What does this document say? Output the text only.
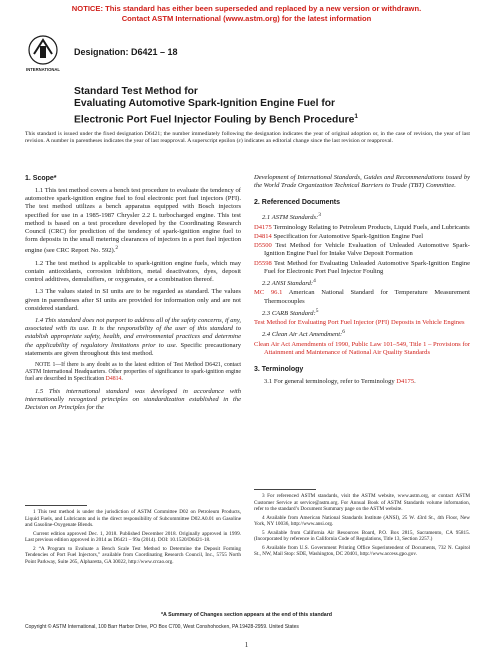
NOTICE: This standard has either been superseded and replaced by a new version or withdrawn.
Contact ASTM International (www.astm.org) for the latest information
INTERNATIONAL
Designation: D6421 – 18
Standard Test Method for
Evaluating Automotive Spark-Ignition Engine Fuel for
Electronic Port Fuel Injector Fouling by Bench Procedure$^1$
This standard is issued under the fixed designation D6421; the number immediately following the designation indicates the year of original adoption or, in the case of revision, the year of last revision. A number in parentheses indicates the year of last reapproval. A superscript epsilon (ε) indicates an editorial change since the last revision or reapproval.
1. Scope*

1.1 This test method covers a bench test procedure to evaluate the tendency of automotive spark-ignition engine fuel to foul electronic port fuel injectors (PFI). The test method utilizes a bench apparatus equipped with Bosch injectors specified for use in a 1985-1987 Chrysler 2.2 L turbocharged engine. This test method is based on a test procedure developed by the Coordinating Research Council (CRC) for prediction of the tendency of spark-ignition engine fuel to form deposits in the small metering clearances of injectors in a port fuel injection engine (see CRC Report No. 592).$^2$

1.2 The test method is applicable to spark-ignition engine fuels, which may contain antioxidants, corrosion inhibitors, metal deactivators, dyes, deposit control additives, demulsifiers, or oxygenates, or a combination thereof.

1.3 The values stated in SI units are to be regarded as standard. The values given in parentheses after SI units are provided for information only and are not considered standard.

1.4 This standard does not purport to address all of the safety concerns, if any, associated with its use. It is the responsibility of the user of this standard to establish appropriate safety, health, and environmental practices and determine the applicability of regulatory limitations prior to use. Specific precautionary statements are given throughout this test method.

NOTE 1—If there is any doubt as to the latest edition of Test Method D6421, contact ASTM International Headquarters. Other properties of significance to spark-ignition engine fuel are described in Specification D4814.

1.5 This international standard was developed in accordance with internationally recognized principles on standardization established in the Decision on Principles for the

Development of International Standards, Guides and Recommendations issued by the World Trade Organization Technical Barriers to Trade (TBT) Committee.

2. Referenced Documents
2.1 ASTM Standards:$^3$
D4175 Terminology Relating to Petroleum Products, Liquid Fuels, and Lubricants
D4814 Specification for Automotive Spark-Ignition Engine Fuel
D5500 Test Method for Vehicle Evaluation of Unleaded Automotive Spark-Ignition Engine Fuel for Intake Valve Deposit Formation
D5598 Test Method for Evaluating Unleaded Automotive Spark-Ignition Engine Fuel for Electronic Port Fuel Injector Fouling
2.2 ANSI Standard:$^4$
MC 96.1 American National Standard for Temperature Measurement Thermocouples
2.3 CARB Standard:$^5$
Test Method for Evaluating Port Fuel Injector (PFI) Deposits in Vehicle Engines
2.4 Clean Air Act Amendment:$^6$
Clean Air Act Amendments of 1990, Public Law 101–549, Title 1 – Provisions for Attainment and Maintenance of National Air Quality Standards
3. Terminology

3.1 For general terminology, refer to Terminology D4175.

1 This test method is under the jurisdiction of ASTM Committee D02 on Petroleum Products, Liquid Fuels, and Lubricants and is the direct responsibility of Subcommittee D02.A0.01 on Gasoline and Gasoline-Oxygenate Blends.

Current edition approved Dec. 1, 2018. Published December 2018. Originally approved in 1999. Last previous edition approved in 2014 as D6421 – 99a (2014). DOI: 10.1520/D6421-18.

2 “A Program to Evaluate a Bench Scale Test Method to Determine the Deposit Forming Tendencies of Port Fuel Injectors,” available from Coordinating Research Council, Inc., 5755 North Point Parkway, Suite 265, Alpharetta, GA 30022, http://www.crcao.org.

3 For referenced ASTM standards, visit the ASTM website, www.astm.org, or contact ASTM Customer Service at service@astm.org. For Annual Book of ASTM Standards volume information, refer to the standard’s Document Summary page on the ASTM website.

4 Available from American National Standards Institute (ANSI), 25 W. 43rd St., 4th Floor, New York, NY 10036, http://www.ansi.org.

5 Available from California Air Resources Board, P.O. Box 2815, Sacramento, CA 95815. (Incorporated by reference in California Code of Regulations, Title 13, Section 2257.)

6 Available from U.S. Government Printing Office Superintendent of Documents, 732 N. Capitol St., NW, Mail Stop: SDE, Washington, DC 20401, http://www.access.gpo.gov.

*A Summary of Changes section appears at the end of this standard
Copyright © ASTM International, 100 Barr Harbor Drive, PO Box C700, West Conshohocken, PA 19428-2959. United States
1
